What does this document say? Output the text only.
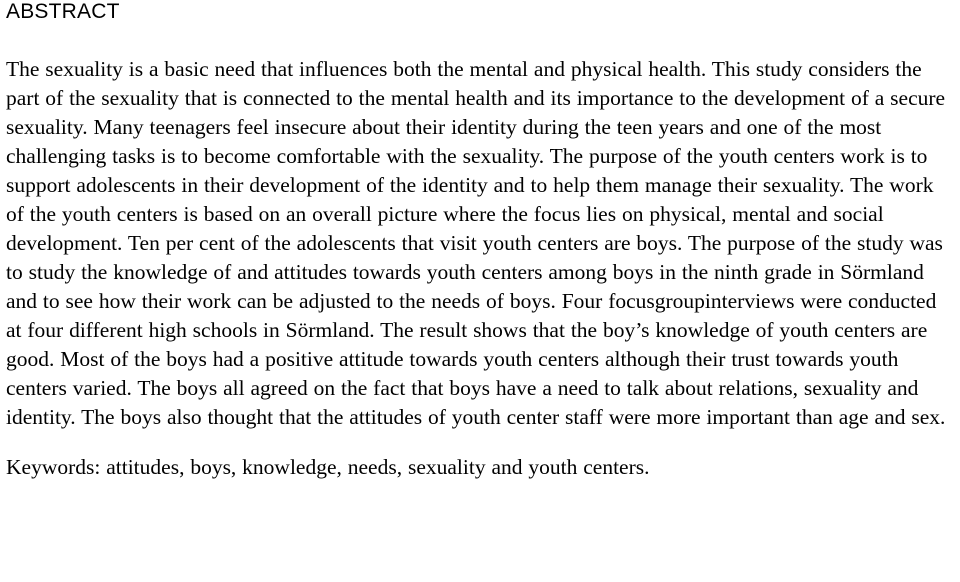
ABSTRACT

The sexuality is a basic need that influences both the mental and physical health. This study considers the part of the sexuality that is connected to the mental health and its importance to the development of a secure sexuality. Many teenagers feel insecure about their identity during the teen years and one of the most challenging tasks is to become comfortable with the sexuality. The purpose of the youth centers work is to support adolescents in their development of the identity and to help them manage their sexuality. The work of the youth centers is based on an overall picture where the focus lies on physical, mental and social development. Ten per cent of the adolescents that visit youth centers are boys. The purpose of the study was to study the knowledge of and attitudes towards youth centers among boys in the ninth grade in Sörmland and to see how their work can be adjusted to the needs of boys. Four focusgroupinterviews were conducted at four different high schools in Sörmland. The result shows that the boy’s knowledge of youth centers are good. Most of the boys had a positive attitude towards youth centers although their trust towards youth centers varied. The boys all agreed on the fact that boys have a need to talk about relations, sexuality and identity. The boys also thought that the attitudes of youth center staff were more important than age and sex.

Keywords: attitudes, boys, knowledge, needs, sexuality and youth centers.
